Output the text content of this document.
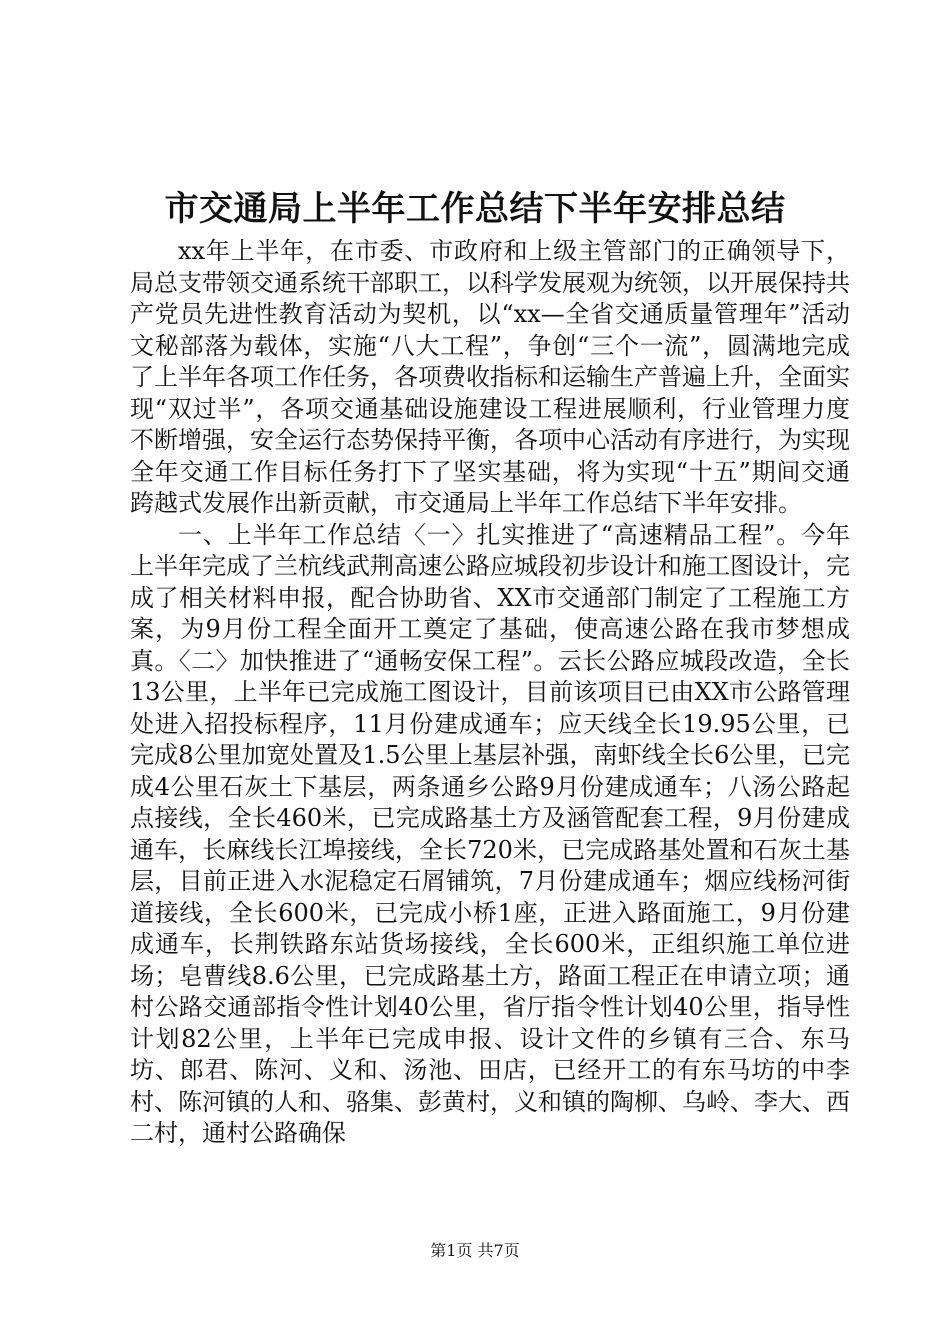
市交通局上半年工作总结下半年安排总结

xx年上半年，在市委、市政府和上级主管部门的正确领导下，局总支带领交通系统干部职工，以科学发展观为统领，以开展保持共产党员先进性教育活动为契机，以“xx—全省交通质量管理年”活动文秘部落为载体，实施“八大工程”，争创“三个一流”，圆满地完成了上半年各项工作任务，各项费收指标和运输生产普遍上升，全面实现“双过半”，各项交通基础设施建设工程进展顺利，行业管理力度不断增强，安全运行态势保持平衡，各项中心活动有序进行，为实现全年交通工作目标任务打下了坚实基础，将为实现“十五”期间交通跨越式发展作出新贡献，市交通局上半年工作总结下半年安排。

一、上半年工作总结〈一〉扎实推进了“高速精品工程”。今年上半年完成了兰杭线武荆高速公路应城段初步设计和施工图设计，完成了相关材料申报，配合协助省、XX市交通部门制定了工程施工方案，为9月份工程全面开工奠定了基础，使高速公路在我市梦想成真。〈二〉加快推进了“通畅安保工程”。云长公路应城段改造，全长13公里，上半年已完成施工图设计，目前该项目已由XX市公路管理处进入招投标程序，11月份建成通车；应天线全长19.95公里，已完成8公里加宽处置及1.5公里上基层补强，南虾线全长6公里，已完成4公里石灰土下基层，两条通乡公路9月份建成通车；八汤公路起点接线，全长460米，已完成路基土方及涵管配套工程，9月份建成通车，长麻线长江埠接线，全长720米，已完成路基处置和石灰土基层，目前正进入水泥稳定石屑铺筑，7月份建成通车；烟应线杨河街道接线，全长600米，已完成小桥1座，正进入路面施工，9月份建成通车，长荆铁路东站货场接线，全长600米，正组织施工单位进场；皂曹线8.6公里，已完成路基土方，路面工程正在申请立项；通村公路交通部指令性计划40公里，省厅指令性计划40公里，指导性计划82公里，上半年已完成申报、设计文件的乡镇有三合、东马坊、郎君、陈河、义和、汤池、田店，已经开工的有东马坊的中李村、陈河镇的人和、骆集、彭黄村，义和镇的陶柳、乌岭、李大、西二村，通村公路确保

第1页 共7页
